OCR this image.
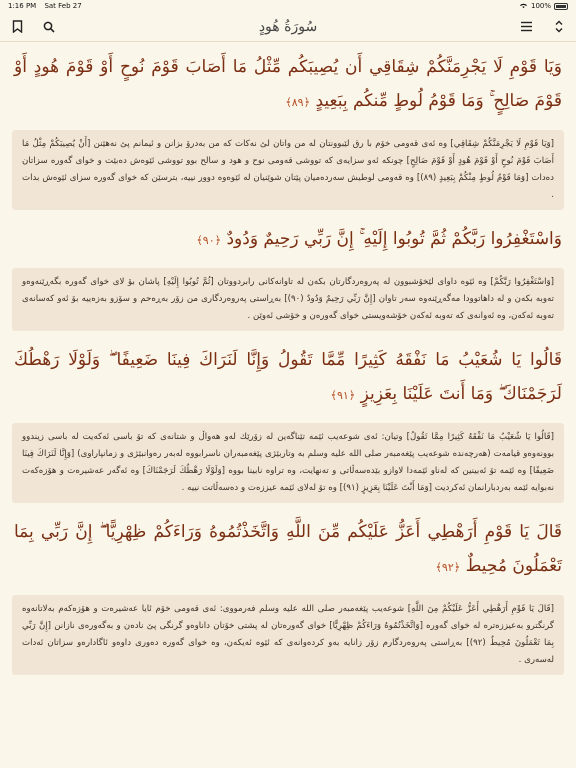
1:16 PM Sat Feb 27	100%
سُورَةُ هُودٍ
وَيَا قَوْمِ لَا يَجْرِمَنَّكُمْ شِقَاقِي أَن يُصِيبَكُم مِّثْلُ مَا أَصَابَ قَوْمَ نُوحٍ أَوْ قَوْمَ هُودٍ أَوْ قَوْمَ صَالِحٍ ۚ وَمَا قَوْمُ لُوطٍ مِّنكُم بِبَعِيدٍ ﴿٨٩﴾
[وَيَا قَوْمِ لَا يَجْرِمَنَّكُمْ شِقَاقِي] وە ئەی قەومی خۆم با رق لێبوونتان لە من واتان لێ نەكات كە من بەدرۆ بزانن و ئیمانم پێ نەهێنن [أَنْ يُصِيبَكُمْ مِثْلُ مَا أَصَابَ قَوْمَ نُوحٍ أَوْ قَوْمَ هُودٍ أَوْ قَوْمَ صَالِحٍ] چونكە ئەو سزایەی كە تووشی قەومی نوح و هود و سالح بوو تووشی ئێوەش دەبێت و خوای گەورە سزاتان دەدات [وَمَا قَوْمُ لُوطٍ مِنْكُمْ بِبَعِيدٍ (٨٩)] وە قەومی لوطیش سەردەمیان پێتان شوێنیان لە ئێوەوە دوور نییە، بترسێن كە خوای گەورە سزای ئێوەش بدات .
وَاسْتَغْفِرُوا رَبَّكُمْ ثُمَّ تُوبُوا إِلَيْهِ ۚ إِنَّ رَبِّي رَحِيمٌ وَدُودٌ ﴿٩٠﴾
[وَاسْتَغْفِرُوا رَبَّكُمْ] وە ئێوە داوای لێخۆشبوون لە پەروەردگارتان بكەن لە تاوانەكانی رابردووتان [ثُمَّ تُوبُوا إِلَيْهِ] پاشان بۆ لای خوای گەورە بگەڕێنەوەو تەوبە بكەن و لە داهاتوودا مەگەڕێنەوە سەر تاوان [إِنَّ رَبِّي رَحِيمٌ وَدُودٌ (٩٠)] بەڕاستی پەروەردگاری من زۆر بەڕەحم و سۆزو بەزەییە بۆ ئەو كەسانەی تەوبە ئەكەن، وە ئەوانەی كە تەوبە ئەكەن خۆشەویستی خوای گەورەن و خۆشی ئەوێن .
قَالُوا يَا شُعَيْبُ مَا نَفْقَهُ كَثِيرًا مِّمَّا تَقُولُ وَإِنَّا لَنَرَاكَ فِينَا ضَعِيفًا ۖ وَلَوْلَا رَهْطُكَ لَرَجَمْنَاكَ ۖ وَمَا أَنتَ عَلَيْنَا بِعَزِيزٍ ﴿٩١﴾
[قَالُوا يَا شُعَيْبُ مَا نَفْقَهُ كَثِيرًا مِمَّا تَقُولُ] وتیان: ئەی شوعەیب ئێمە تێناگەین لە زۆرێك لەو هەواڵ و شتانەی كە تۆ باسی ئەكەیت لە باسی زیندوو بوونەوەو قیامەت (هەرچەندە شوعەیب پێغەمبەر صلی الله علیه وسلم بە وتاربێژی پێغەمبەران ناسرابووە لەبەر رەوانبێژی و زمانپاراوی) [وَإِنَّا لَنَرَاكَ فِينَا ضَعِيفًا] وە ئێمە تۆ ئەبینین كە لەناو ئێمەدا لاوازو بێدەسەڵاتی و تەنهایت، وە تراوە نابینا بووە [وَلَوْلَا رَهْطُكَ لَرَجَمْنَاكَ] وە ئەگەر عەشیرەت و هۆزەكەت نەبوایە ئێمە بەردبارانمان ئەكردیت [وَمَا أَنْتَ عَلَيْنَا بِعَزِيزٍ (٩١)] وە تۆ لەلای ئێمە عیززەت و دەسەڵاتت نییە .
قَالَ يَا قَوْمِ أَرَهْطِي أَعَزُّ عَلَيْكُم مِّنَ اللَّهِ وَاتَّخَذْتُمُوهُ وَرَاءَكُمْ ظِهْرِيًّا ۖ إِنَّ رَبِّي بِمَا تَعْمَلُونَ مُحِيطٌ ﴿٩٢﴾
[قَالَ يَا قَوْمِ أَرَهْطِي أَعَزُّ عَلَيْكُمْ مِنَ اللَّهِ] شوعەیب پێغەمبەر صلی الله علیه وسلم فەرمووی: ئەی قەومی خۆم ئایا عەشیرەت و هۆزەكەم بەلاتانەوە گرنگترو بەعیززەترە لە خوای گەورە [وَاتَّخَذْتُمُوهُ وَرَاءَكُمْ ظِهْرِيًّا] خوای گەورەتان لە پشتی خۆتان داناوەو گرنگی پێ نادەن و بەگەورەی نازانن [إِنَّ رَبِّي بِمَا تَعْمَلُونَ مُحِيطٌ (٩٢)] بەڕاستی پەروەردگارم زۆر زانایە بەو كردەوانەی كە ئێوە ئەیكەن، وە خوای گەورە دەوری داوەو ئاگادارەو سزاتان ئەدات لەسەری .
